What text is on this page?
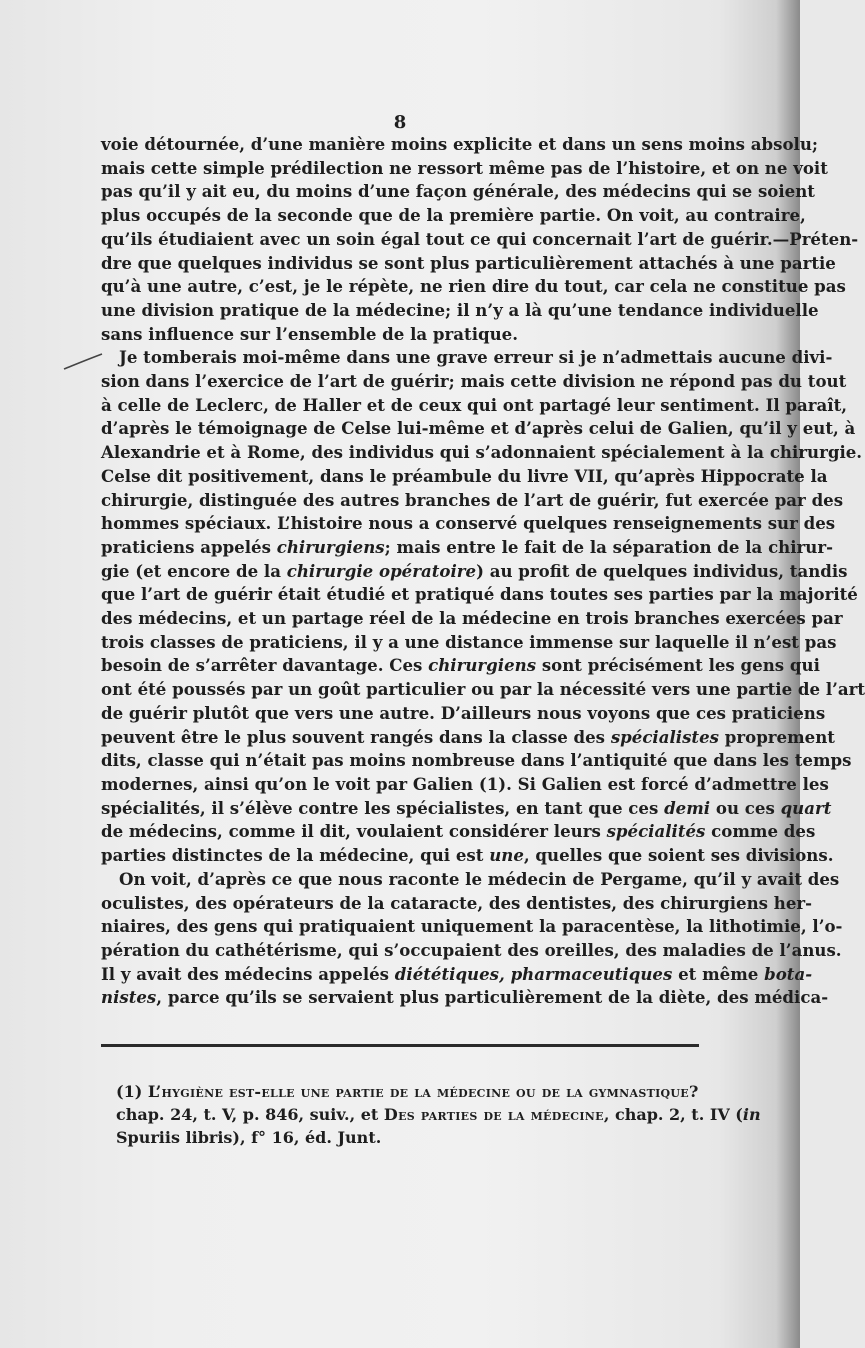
8

voie détournée, d’une manière moins explicite et dans un sens moins absolu;
mais cette simple prédilection ne ressort même pas de l’histoire, et on ne voit
pas qu’il y ait eu, du moins d’une façon générale, des médecins qui se soient
plus occupés de la seconde que de la première partie. On voit, au contraire,
qu’ils étudiaient avec un soin égal tout ce qui concernait l’art de guérir.—Préten-
dre que quelques individus se sont plus particulièrement attachés à une partie
qu’à une autre, c’est, je le répète, ne rien dire du tout, car cela ne constitue pas
une division pratique de la médecine; il n’y a là qu’une tendance individuelle
sans influence sur l’ensemble de la pratique.

Je tomberais moi-même dans une grave erreur si je n’admettais aucune divi-
sion dans l’exercice de l’art de guérir; mais cette division ne répond pas du tout
à celle de Leclerc, de Haller et de ceux qui ont partagé leur sentiment. Il paraît,
d’après le témoignage de Celse lui-même et d’après celui de Galien, qu’il y eut, à
Alexandrie et à Rome, des individus qui s’adonnaient spécialement à la chirurgie.
Celse dit positivement, dans le préambule du livre VII, qu’après Hippocrate la
chirurgie, distinguée des autres branches de l’art de guérir, fut exercée par des
hommes spéciaux. L’histoire nous a conservé quelques renseignements sur des
praticiens appelés chirurgiens; mais entre le fait de la séparation de la chirur-
gie (et encore de la chirurgie opératoire) au profit de quelques individus, tandis
que l’art de guérir était étudié et pratiqué dans toutes ses parties par la majorité
des médecins, et un partage réel de la médecine en trois branches exercées par
trois classes de praticiens, il y a une distance immense sur laquelle il n’est pas
besoin de s’arrêter davantage. Ces chirurgiens sont précisément les gens qui
ont été poussés par un goût particulier ou par la nécessité vers une partie de l’art
de guérir plutôt que vers une autre. D’ailleurs nous voyons que ces praticiens
peuvent être le plus souvent rangés dans la classe des spécialistes proprement
dits, classe qui n’était pas moins nombreuse dans l’antiquité que dans les temps
modernes, ainsi qu’on le voit par Galien (1). Si Galien est forcé d’admettre les
spécialités, il s’élève contre les spécialistes, en tant que ces demi ou ces quart
de médecins, comme il dit, voulaient considérer leurs spécialités comme des
parties distinctes de la médecine, qui est une, quelles que soient ses divisions.

On voit, d’après ce que nous raconte le médecin de Pergame, qu’il y avait des
oculistes, des opérateurs de la cataracte, des dentistes, des chirurgiens her-
niaires, des gens qui pratiquaient uniquement la paracentèse, la lithotimie, l’o-
pération du cathétérisme, qui s’occupaient des oreilles, des maladies de l’anus.
Il y avait des médecins appelés diététiques, pharmaceutiques et même bota-
nistes, parce qu’ils se servaient plus particulièrement de la diète, des médica-

(1) L’hygiène est-elle une partie de la médecine ou de la gymnastique?
chap. 24, t. V, p. 846, suiv., et Des parties de la médecine, chap. 2, t. IV (in
Spuriis libris), f° 16, éd. Junt.
